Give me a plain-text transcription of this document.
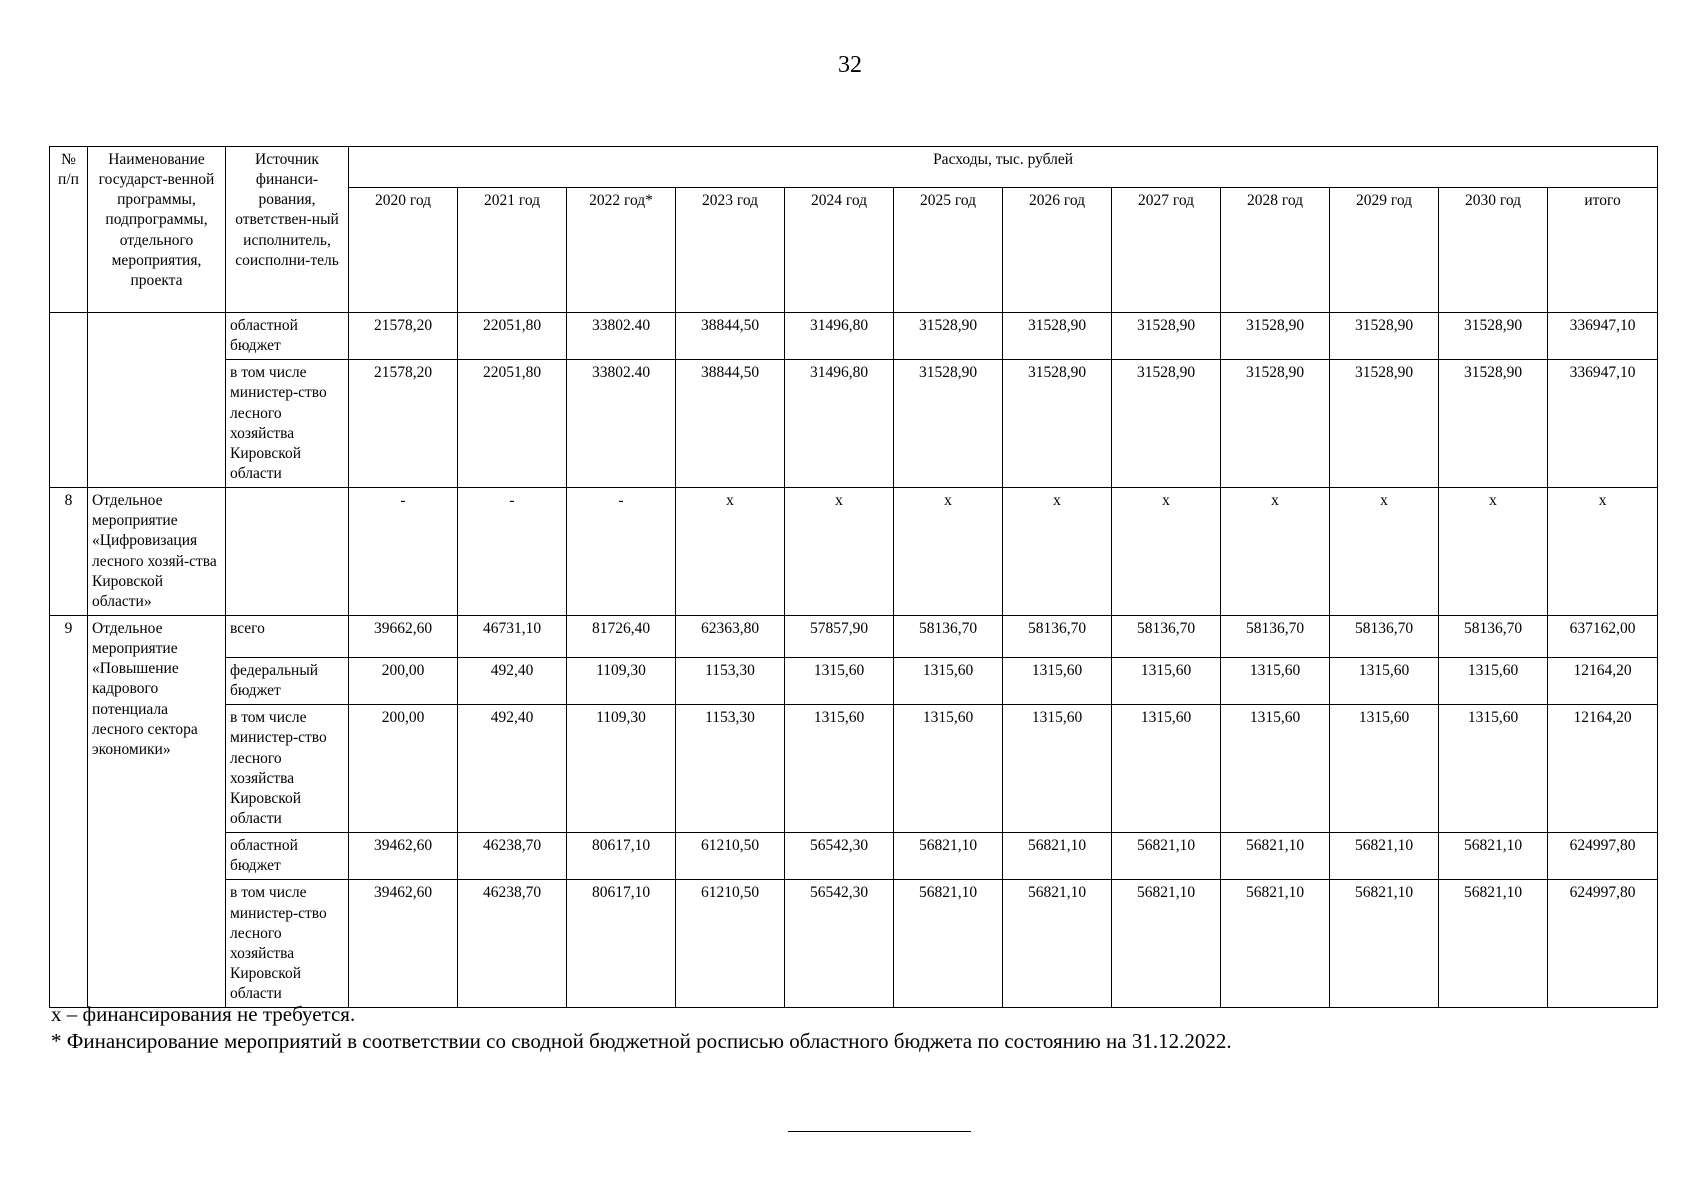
32
№
п/п	Наименование государст-венной программы, подпрограммы, отдельного мероприятия, проекта	Источник финанси-рования, ответствен-ный исполнитель, соисполни-тель	Расходы, тыс. рублей											
			2020 год	2021 год	2022 год*	2023 год	2024 год	2025 год	2026 год	2027 год	2028 год	2029 год	2030 год	итого
		областной бюджет	21578,20	22051,80	33802.40	38844,50	31496,80	31528,90	31528,90	31528,90	31528,90	31528,90	31528,90	336947,10
		в том числе министер-ство лесного хозяйства Кировской области	21578,20	22051,80	33802.40	38844,50	31496,80	31528,90	31528,90	31528,90	31528,90	31528,90	31528,90	336947,10
8	Отдельное мероприятие «Цифровизация лесного хозяй-ства Кировской области»		-	-	-	x	x	x	x	x	x	x	x	x
9	Отдельное мероприятие «Повышение кадрового потенциала лесного сектора экономики»	всего	39662,60	46731,10	81726,40	62363,80	57857,90	58136,70	58136,70	58136,70	58136,70	58136,70	58136,70	637162,00
		федеральный бюджет	200,00	492,40	1109,30	1153,30	1315,60	1315,60	1315,60	1315,60	1315,60	1315,60	1315,60	12164,20
		в том числе министер-ство лесного хозяйства Кировской области	200,00	492,40	1109,30	1153,30	1315,60	1315,60	1315,60	1315,60	1315,60	1315,60	1315,60	12164,20
		областной бюджет	39462,60	46238,70	80617,10	61210,50	56542,30	56821,10	56821,10	56821,10	56821,10	56821,10	56821,10	624997,80
		в том числе министер-ство лесного хозяйства Кировской области	39462,60	46238,70	80617,10	61210,50	56542,30	56821,10	56821,10	56821,10	56821,10	56821,10	56821,10	624997,80
x – финансирования не требуется.
* Финансирование мероприятий в соответствии со сводной бюджетной росписью областного бюджета по состоянию на 31.12.2022.
